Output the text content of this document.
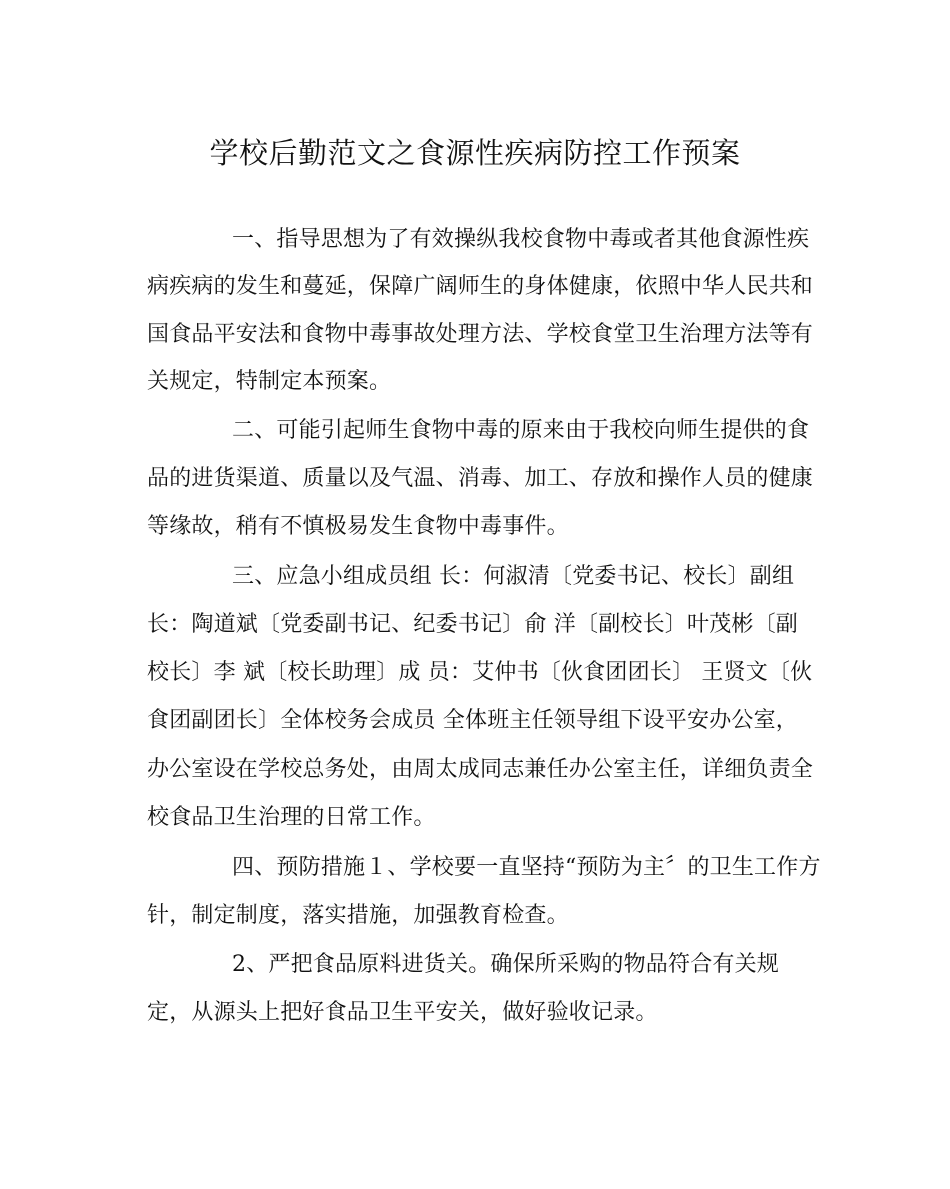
学校后勤范文之食源性疾病防控工作预案
一、指导思想为了有效操纵我校食物中毒或者其他食源性疾
病疾病的发生和蔓延，保障广阔师生的身体健康，依照中华人民共和
国食品平安法和食物中毒事故处理方法、学校食堂卫生治理方法等有
关规定，特制定本预案。
二、可能引起师生食物中毒的原来由于我校向师生提供的食
品的进货渠道、质量以及气温、消毒、加工、存放和操作人员的健康
等缘故，稍有不慎极易发生食物中毒事件。
三、应急小组成员组 长：何淑清〔党委书记、校长〕副组
长：陶道斌〔党委副书记、纪委书记〕俞 洋〔副校长〕叶茂彬〔副
校长〕李 斌〔校长助理〕成 员：艾仲书〔伙食团团长〕 王贤文〔伙
食团副团长〕全体校务会成员 全体班主任领导组下设平安办公室，
办公室设在学校总务处，由周太成同志兼任办公室主任，详细负责全
校食品卫生治理的日常工作。
四、预防措施１、学校要一直坚持“预防为主〞的卫生工作方
针，制定制度，落实措施，加强教育检查。
2、严把食品原料进货关。确保所采购的物品符合有关规
定，从源头上把好食品卫生平安关，做好验收记录。
